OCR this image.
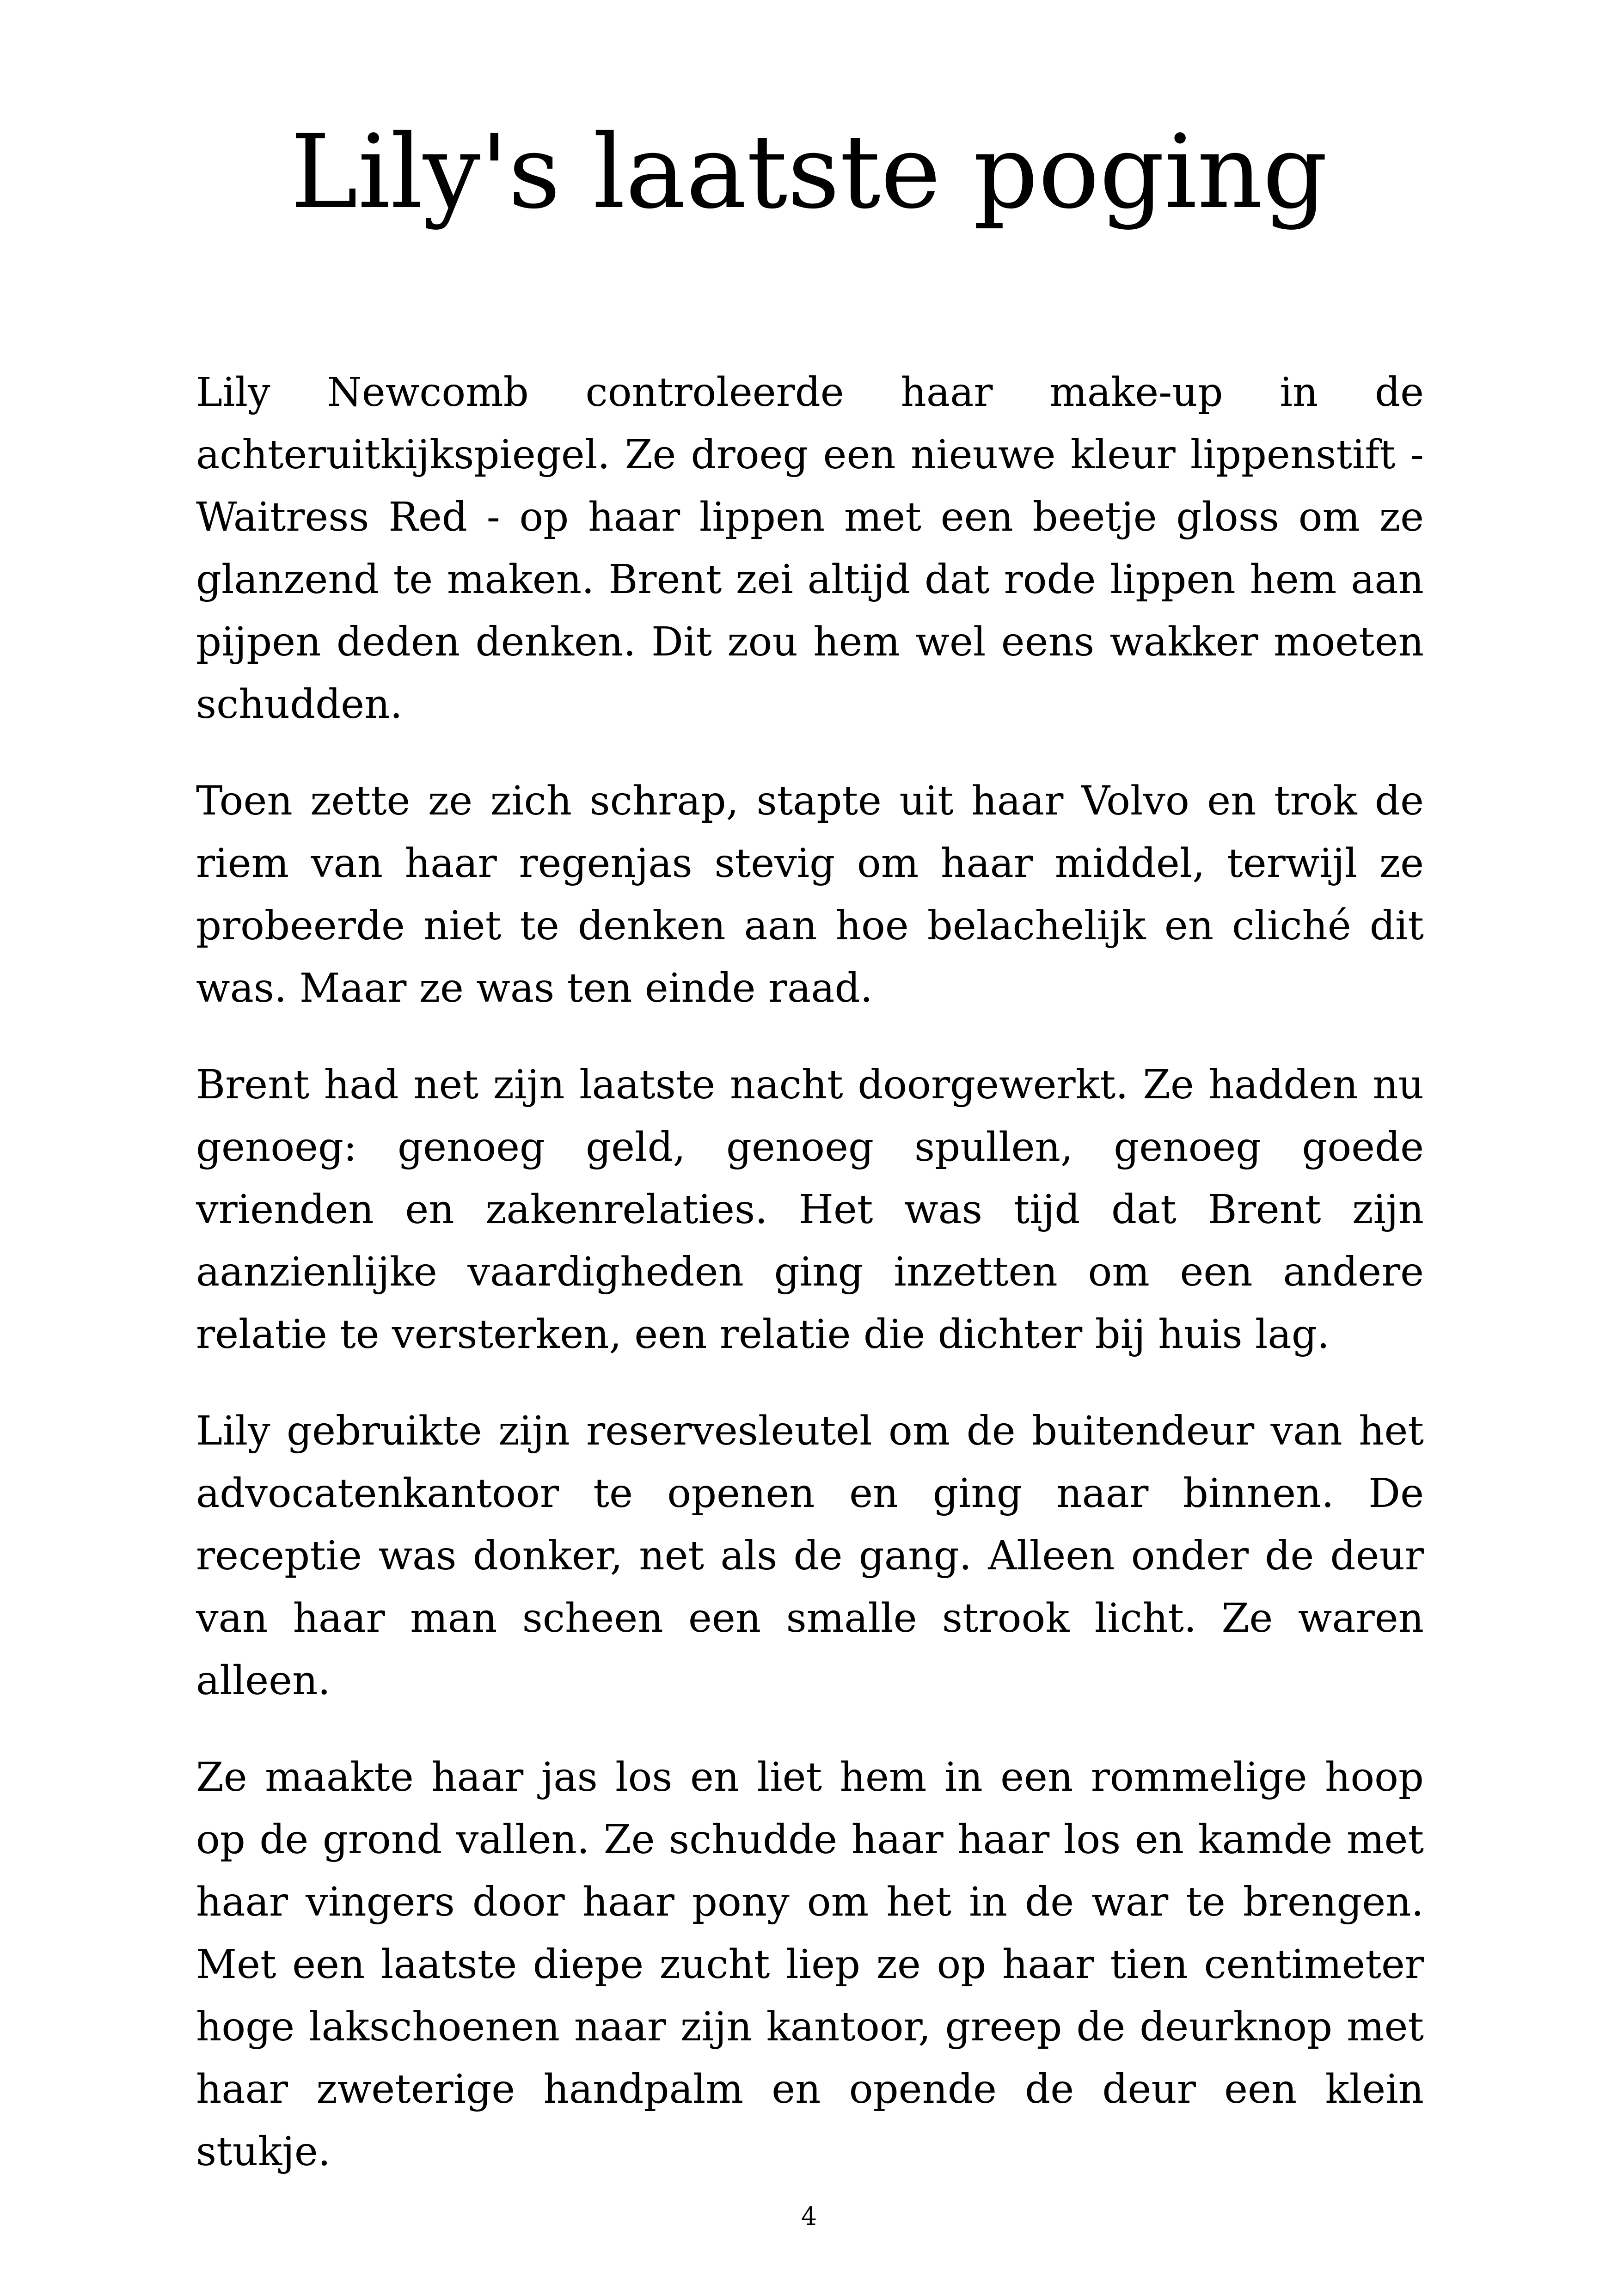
Lily's laatste poging

Lily Newcomb controleerde haar make-up in de achteruitkijkspiegel. Ze droeg een nieuwe kleur lippenstift - Waitress Red - op haar lippen met een beetje gloss om ze glanzend te maken. Brent zei altijd dat rode lippen hem aan pijpen deden denken. Dit zou hem wel eens wakker moeten schudden.

Toen zette ze zich schrap, stapte uit haar Volvo en trok de riem van haar regenjas stevig om haar middel, terwijl ze probeerde niet te denken aan hoe belachelijk en cliché dit was. Maar ze was ten einde raad.

Brent had net zijn laatste nacht doorgewerkt. Ze hadden nu genoeg: genoeg geld, genoeg spullen, genoeg goede vrienden en zakenrelaties. Het was tijd dat Brent zijn aanzienlijke vaardigheden ging inzetten om een andere relatie te versterken, een relatie die dichter bij huis lag.

Lily gebruikte zijn reservesleutel om de buitendeur van het advocatenkantoor te openen en ging naar binnen. De receptie was donker, net als de gang. Alleen onder de deur van haar man scheen een smalle strook licht. Ze waren alleen.

Ze maakte haar jas los en liet hem in een rommelige hoop op de grond vallen. Ze schudde haar haar los en kamde met haar vingers door haar pony om het in de war te brengen. Met een laatste diepe zucht liep ze op haar tien centimeter hoge lakschoenen naar zijn kantoor, greep de deurknop met haar zweterige handpalm en opende de deur een klein stukje.

4
